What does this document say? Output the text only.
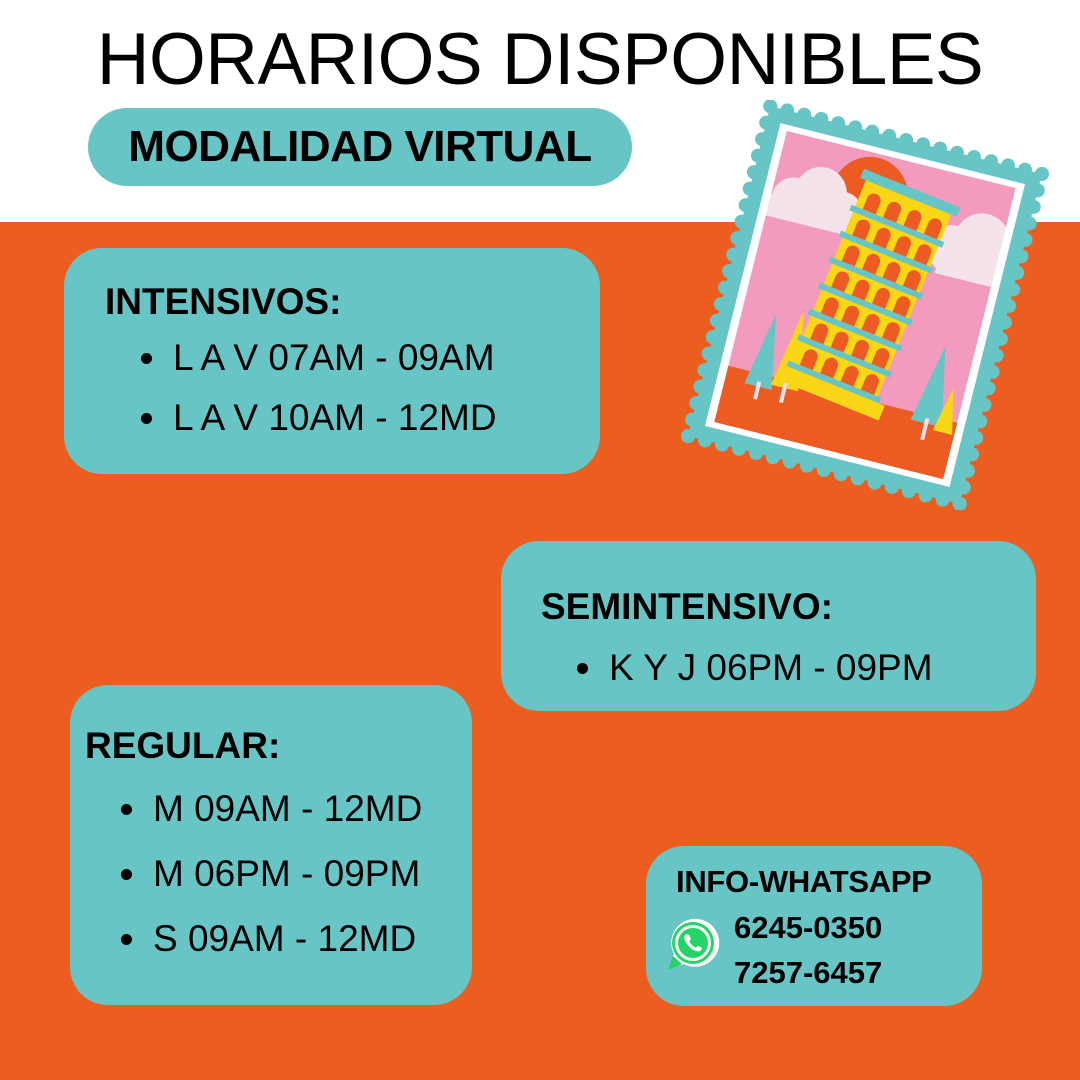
HORARIOS DISPONIBLES
MODALIDAD VIRTUAL
INTENSIVOS:
L A V 07AM - 09AM
L A V 10AM - 12MD
SEMINTENSIVO:
K Y J 06PM - 09PM
REGULAR:
M 09AM - 12MD
M 06PM - 09PM
S 09AM - 12MD
INFO-WHATSAPP
6245-0350
7257-6457
